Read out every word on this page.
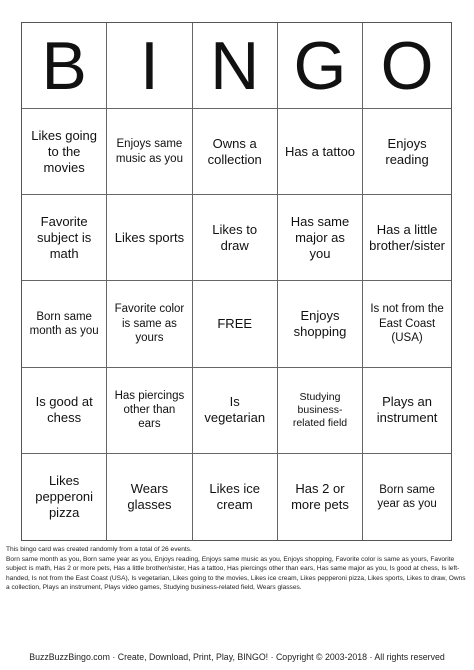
B I N G O
Likes going to the movies
Enjoys same music as you
Owns a collection
Has a tattoo
Enjoys reading
Favorite subject is math
Likes sports
Likes to draw
Has same major as you
Has a little brother/sister
Born same month as you
Favorite color is same as yours
FREE
Enjoys shopping
Is not from the East Coast (USA)
Is good at chess
Has piercings other than ears
Is vegetarian
Studying business-related field
Plays an instrument
Likes pepperoni pizza
Wears glasses
Likes ice cream
Has 2 or more pets
Born same year as you
This bingo card was created randomly from a total of 26 events.
Born same month as you, Born same year as you, Enjoys reading, Enjoys same music as you, Enjoys shopping, Favorite color is same as yours, Favorite subject is math, Has 2 or more pets, Has a little brother/sister, Has a tattoo, Has piercings other than ears, Has same major as you, Is good at chess, Is left-handed, Is not from the East Coast (USA), Is vegetarian, Likes going to the movies, Likes ice cream, Likes pepperoni pizza, Likes sports, Likes to draw, Owns a collection, Plays an instrument, Plays video games, Studying business-related field, Wears glasses.
BuzzBuzzBingo.com · Create, Download, Print, Play, BINGO! · Copyright © 2003-2018 · All rights reserved
